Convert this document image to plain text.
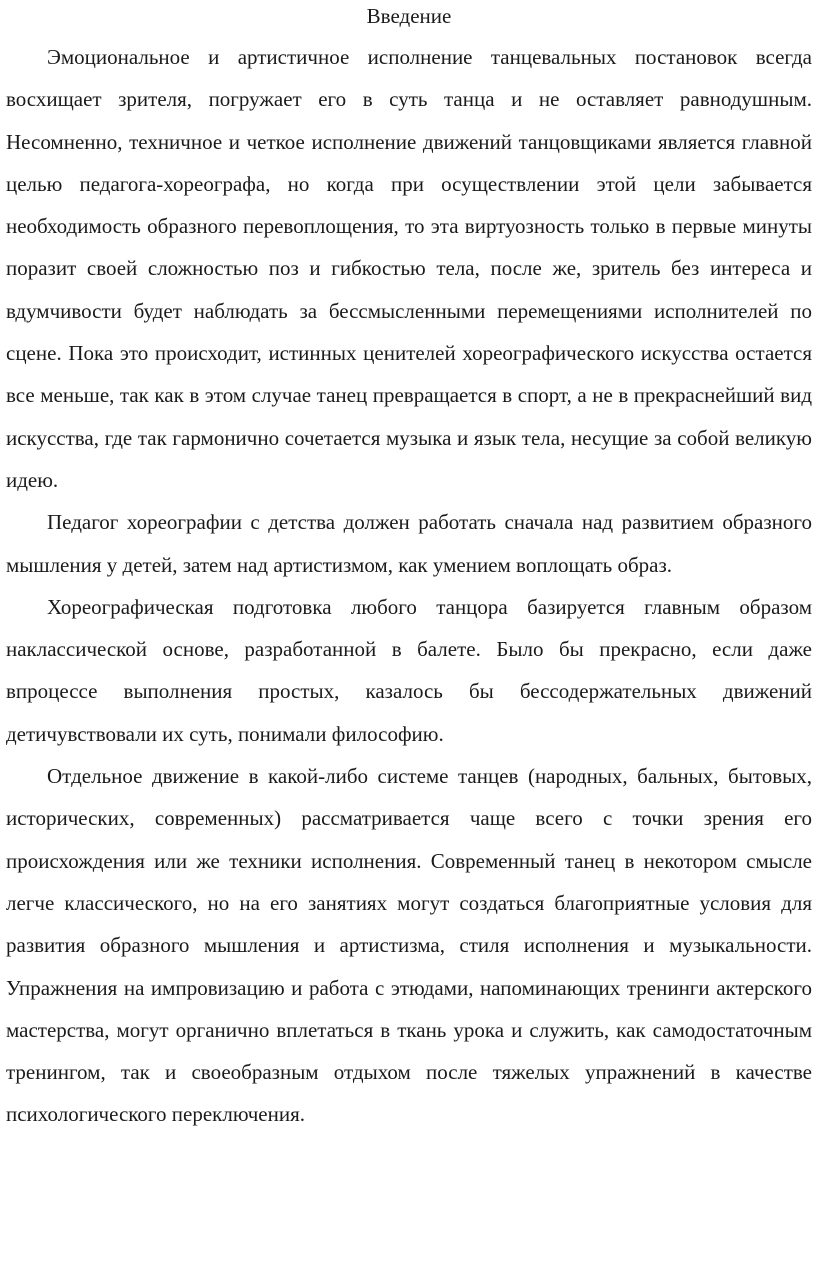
Введение

Эмоциональное и артистичное исполнение танцевальных постановок всегда восхищает зрителя, погружает его в суть танца и не оставляет равнодушным. Несомненно, техничное и четкое исполнение движений танцовщиками является главной целью педагога-хореографа, но когда при осуществлении этой цели забывается необходимость образного перевоплощения, то эта виртуозность только в первые минуты поразит своей сложностью поз и гибкостью тела, после же, зритель без интереса и вдумчивости будет наблюдать за бессмысленными перемещениями исполнителей по сцене. Пока это происходит, истинных ценителей хореографического искусства остается все меньше, так как в этом случае танец превращается в спорт, а не в прекраснейший вид искусства, где так гармонично сочетается музыка и язык тела, несущие за собой великую идею.

Педагог хореографии с детства должен работать сначала над развитием образного мышления у детей, затем над артистизмом, как умением воплощать образ.

Хореографическая подготовка любого танцора базируется главным образом наклассической основе, разработанной в балете. Было бы прекрасно, если даже впроцессе выполнения простых, казалось бы бессодержательных движений детичувствовали их суть, понимали философию.

Отдельное движение в какой-либо системе танцев (народных, бальных, бытовых, исторических, современных) рассматривается чаще всего с точки зрения его происхождения или же техники исполнения. Современный танец в некотором смысле легче классического, но на его занятиях могут создаться благоприятные условия для развития образного мышления и артистизма, стиля исполнения и музыкальности. Упражнения на импровизацию и работа с этюдами, напоминающих тренинги актерского мастерства, могут органично вплетаться в ткань урока и служить, как самодостаточным тренингом, так и своеобразным отдыхом после тяжелых упражнений в качестве психологического переключения.
